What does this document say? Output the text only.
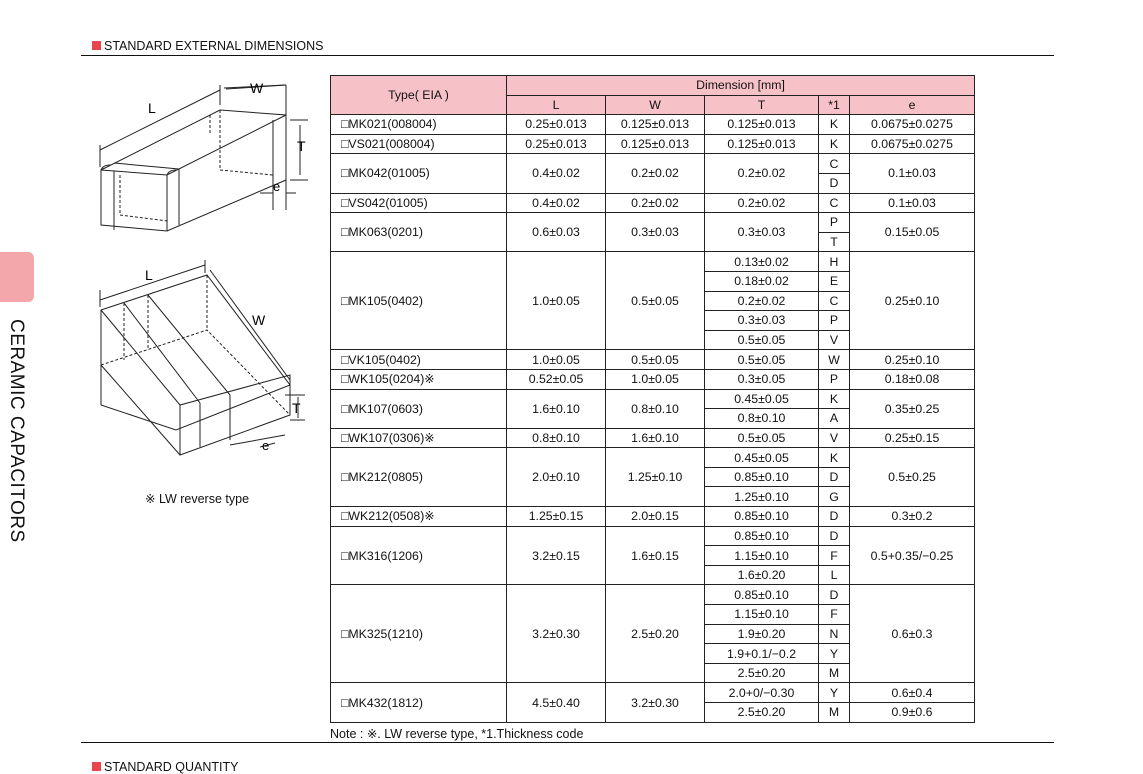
STANDARD EXTERNAL DIMENSIONS
CERAMIC CAPACITORS
L
W
T
e
L
W
T
e
※ LW reverse type
Type( EIA )	Dimension [mm]				
	L	W	T	*1	e
□MK021(008004)	0.25±0.013	0.125±0.013	0.125±0.013	K	0.0675±0.0275
□VS021(008004)	0.25±0.013	0.125±0.013	0.125±0.013	K	0.0675±0.0275
□MK042(01005)	0.4±0.02	0.2±0.02	0.2±0.02	C	0.1±0.03
				D	
□VS042(01005)	0.4±0.02	0.2±0.02	0.2±0.02	C	0.1±0.03
□MK063(0201)	0.6±0.03	0.3±0.03	0.3±0.03	P	0.15±0.05
				T	
□MK105(0402)	1.0±0.05	0.5±0.05	0.13±0.02	H	0.25±0.10
			0.18±0.02	E	
			0.2±0.02	C	
			0.3±0.03	P	
			0.5±0.05	V	
□VK105(0402)	1.0±0.05	0.5±0.05	0.5±0.05	W	0.25±0.10
□WK105(0204)※	0.52±0.05	1.0±0.05	0.3±0.05	P	0.18±0.08
□MK107(0603)	1.6±0.10	0.8±0.10	0.45±0.05	K	0.35±0.25
			0.8±0.10	A	
□WK107(0306)※	0.8±0.10	1.6±0.10	0.5±0.05	V	0.25±0.15
□MK212(0805)	2.0±0.10	1.25±0.10	0.45±0.05	K	0.5±0.25
			0.85±0.10	D	
			1.25±0.10	G	
□WK212(0508)※	1.25±0.15	2.0±0.15	0.85±0.10	D	0.3±0.2
□MK316(1206)	3.2±0.15	1.6±0.15	0.85±0.10	D	0.5+0.35/−0.25
			1.15±0.10	F	
			1.6±0.20	L	
□MK325(1210)	3.2±0.30	2.5±0.20	0.85±0.10	D	0.6±0.3
			1.15±0.10	F	
			1.9±0.20	N	
			1.9+0.1/−0.2	Y	
			2.5±0.20	M	
□MK432(1812)	4.5±0.40	3.2±0.30	2.0+0/−0.30	Y	0.6±0.4
			2.5±0.20	M	0.9±0.6
Note : ※. LW reverse type, *1.Thickness code
STANDARD QUANTITY
